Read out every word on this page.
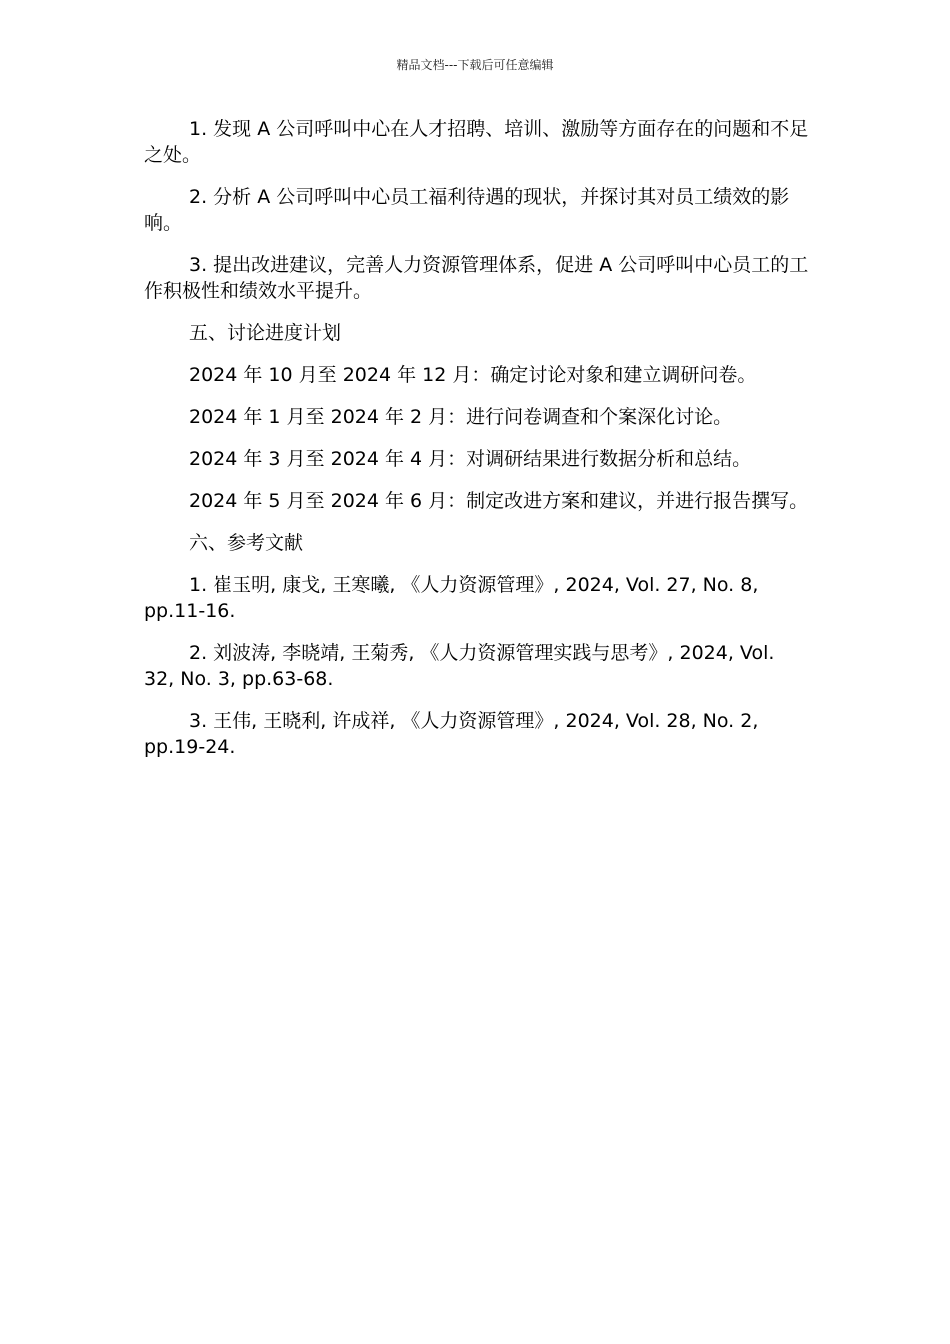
精品文档---下载后可任意编辑

1. 发现 A 公司呼叫中心在人才招聘、培训、激励等方面存在的问题和不足之处。

2. 分析 A 公司呼叫中心员工福利待遇的现状，并探讨其对员工绩效的影响。

3. 提出改进建议，完善人力资源管理体系，促进 A 公司呼叫中心员工的工作积极性和绩效水平提升。

五、讨论进度计划

2024 年 10 月至 2024 年 12 月：确定讨论对象和建立调研问卷。

2024 年 1 月至 2024 年 2 月：进行问卷调查和个案深化讨论。

2024 年 3 月至 2024 年 4 月：对调研结果进行数据分析和总结。

2024 年 5 月至 2024 年 6 月：制定改进方案和建议，并进行报告撰写。

六、参考文献

1. 崔玉明, 康戈, 王寒曦, 《人力资源管理》, 2024, Vol. 27, No. 8, pp.11-16.

2. 刘波涛, 李晓靖, 王菊秀, 《人力资源管理实践与思考》, 2024, Vol. 32, No. 3, pp.63-68.

3. 王伟, 王晓利, 许成祥, 《人力资源管理》, 2024, Vol. 28, No. 2, pp.19-24.
